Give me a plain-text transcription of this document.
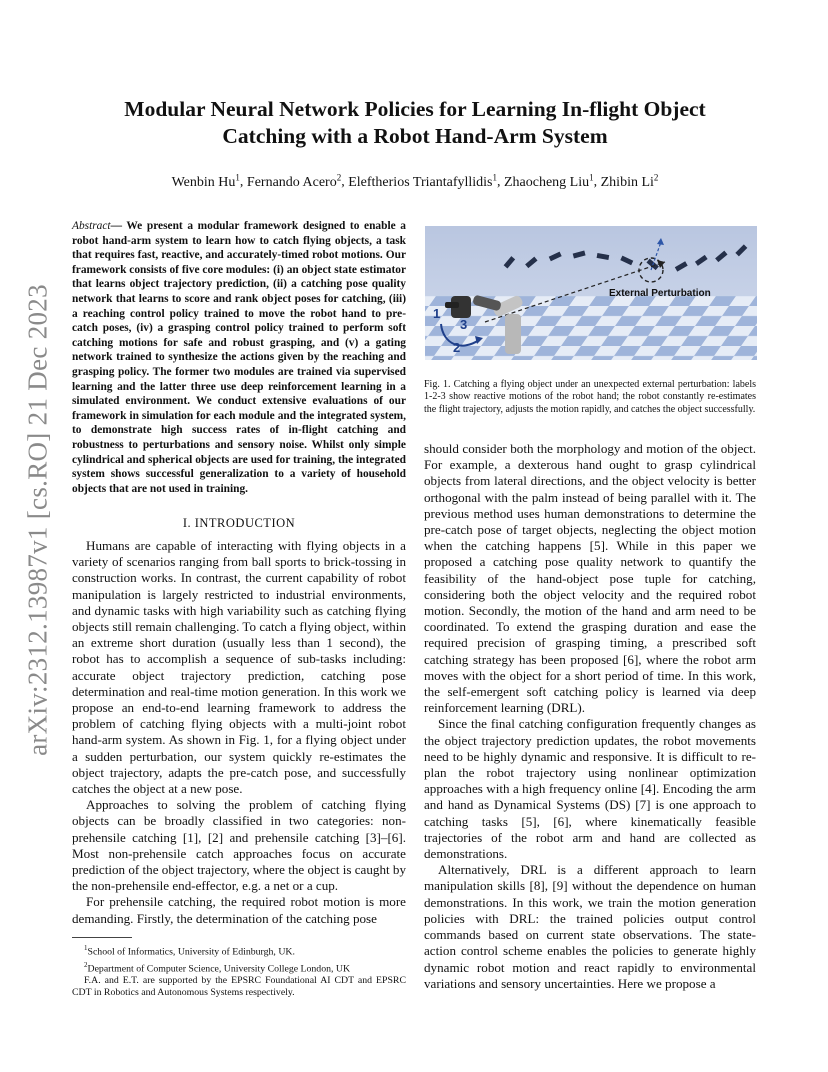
arXiv:2312.13987v1 [cs.RO] 21 Dec 2023
Modular Neural Network Policies for Learning In-flight Object
Catching with a Robot Hand-Arm System
Wenbin Hu$^1$, Fernando Acero$^2$, Eleftherios Triantafyllidis$^1$, Zhaocheng Liu$^1$, Zhibin Li$^2$

Abstract— We present a modular framework designed to enable a robot hand-arm system to learn how to catch flying objects, a task that requires fast, reactive, and accurately-timed robot motions. Our framework consists of five core modules: (i) an object state estimator that learns object trajectory prediction, (ii) a catching pose quality network that learns to score and rank object poses for catching, (iii) a reaching control policy trained to move the robot hand to pre-catch poses, (iv) a grasping control policy trained to perform soft catching motions for safe and robust grasping, and (v) a gating network trained to synthesize the actions given by the reaching and grasping policy. The former two modules are trained via supervised learning and the latter three use deep reinforcement learning in a simulated environment. We conduct extensive evaluations of our framework in simulation for each module and the integrated system, to demonstrate high success rates of in-flight catching and robustness to perturbations and sensory noise. Whilst only simple cylindrical and spherical objects are used for training, the integrated system shows successful generalization to a variety of household objects that are not used in training.

I. INTRODUCTION

Humans are capable of interacting with flying objects in a variety of scenarios ranging from ball sports to brick-tossing in construction works. In contrast, the current capability of robot manipulation is largely restricted to industrial environments, and dynamic tasks with high variability such as catching flying objects still remain challenging. To catch a flying object, within an extreme short duration (usually less than 1 second), the robot has to accomplish a sequence of sub-tasks including: accurate object trajectory prediction, catching pose determination and real-time motion generation. In this work we propose an end-to-end learning framework to address the problem of catching flying objects with a multi-joint robot hand-arm system. As shown in Fig. 1, for a flying object under a sudden perturbation, our system quickly re-estimates the object trajectory, adapts the pre-catch pose, and successfully catches the object at a new pose.

Approaches to solving the problem of catching flying objects can be broadly classified in two categories: non-prehensile catching [1], [2] and prehensile catching [3]–[6]. Most non-prehensile catch approaches focus on accurate prediction of the object trajectory, where the object is caught by the non-prehensile end-effector, e.g. a net or a cup.

For prehensile catching, the required robot motion is more demanding. Firstly, the determination of the catching pose

$^1$School of Informatics, University of Edinburgh, UK.
$^2$Department of Computer Science, University College London, UK
F.A. and E.T. are supported by the EPSRC Foundational AI CDT and EPSRC CDT in Robotics and Autonomous Systems respectively.
External Perturbation
1
2
3

Fig. 1. Catching a flying object under an unexpected external perturbation: labels 1-2-3 show reactive motions of the robot hand; the robot constantly re-estimates the flight trajectory, adjusts the motion rapidly, and catches the object successfully.

should consider both the morphology and motion of the object. For example, a dexterous hand ought to grasp cylindrical objects from lateral directions, and the object velocity is better orthogonal with the palm instead of being parallel with it. The previous method uses human demonstrations to determine the pre-catch pose of target objects, neglecting the object motion when the catching happens [5]. While in this paper we proposed a catching pose quality network to quantify the feasibility of the hand-object pose tuple for catching, considering both the object velocity and the required robot motion. Secondly, the motion of the hand and arm need to be coordinated. To extend the grasping duration and ease the required precision of grasping timing, a prescribed soft catching strategy has been proposed [6], where the robot arm moves with the object for a short period of time. In this work, the self-emergent soft catching policy is learned via deep reinforcement learning (DRL).

Since the final catching configuration frequently changes as the object trajectory prediction updates, the robot movements need to be highly dynamic and responsive. It is difficult to re-plan the robot trajectory using nonlinear optimization approaches with a high frequency online [4]. Encoding the arm and hand as Dynamical Systems (DS) [7] is one approach to catching tasks [5], [6], where kinematically feasible trajectories of the robot arm and hand are collected as demonstrations.

Alternatively, DRL is a different approach to learn manipulation skills [8], [9] without the dependence on human demonstrations. In this work, we train the motion generation policies with DRL: the trained policies output control commands based on current state observations. The state-action control scheme enables the policies to generate highly dynamic robot motion and react rapidly to environmental variations and sensory uncertainties. Here we propose a
